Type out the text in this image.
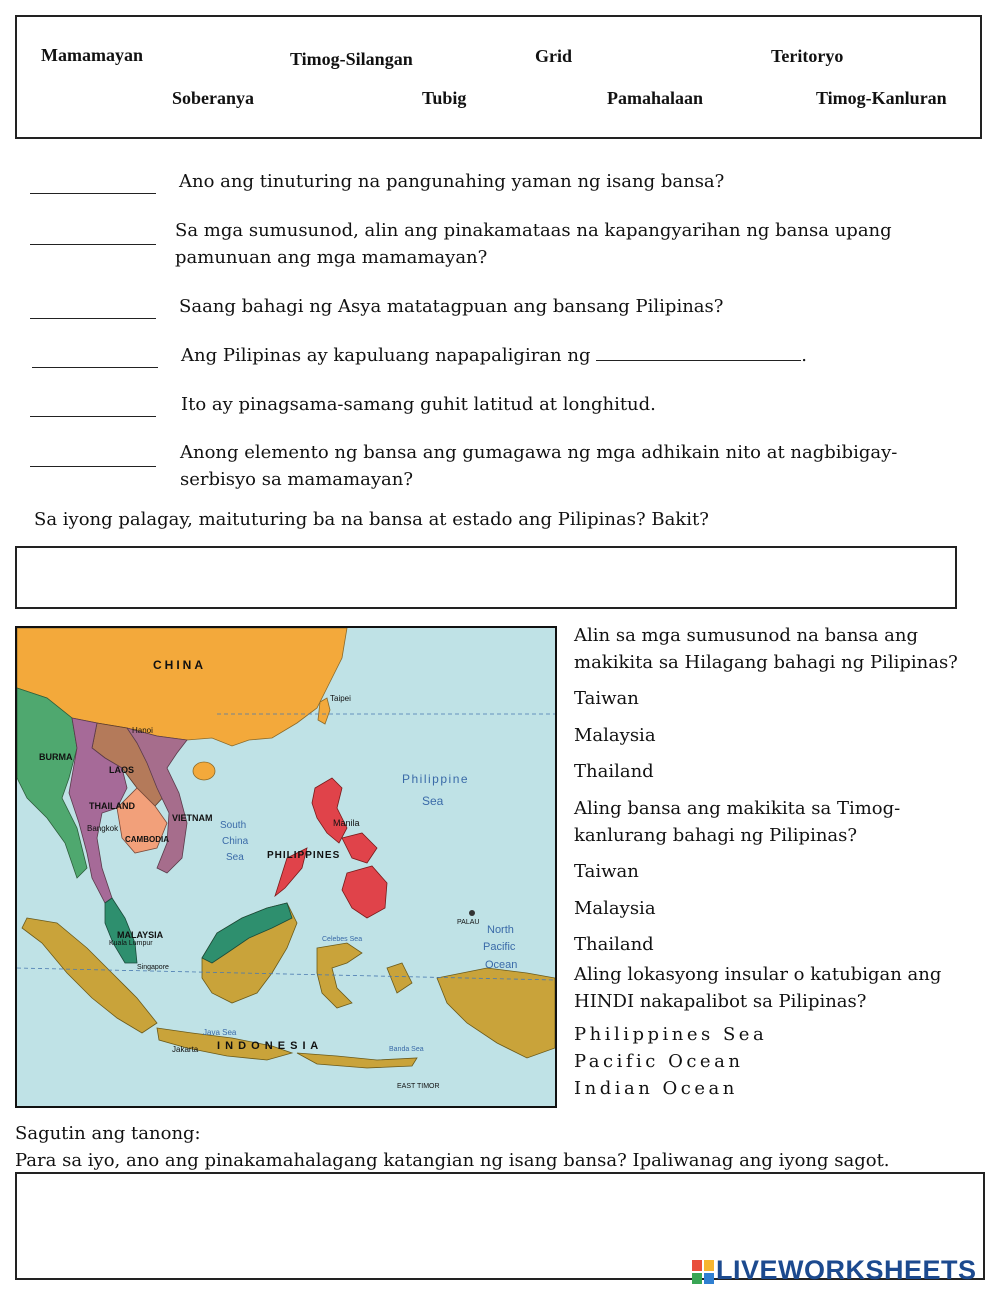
Mamamayan	Timog-Silangan	Grid	Teritoryo
Soberanya	Tubig	Pamahalaan	Timog-Kanluran
Ano ang tinuturing na pangunahing yaman ng isang bansa?
Sa mga sumusunod, alin ang pinakamataas na kapangyarihan ng bansa upang pamunuan ang mga mamamayan?
Saang bahagi ng Asya matatagpuan ang bansang Pilipinas?
Ang Pilipinas ay kapuluang napapaligiran ng	.
Ito ay pinagsama-samang guhit latitud at longhitud.
Anong elemento ng bansa ang gumagawa ng mga adhikain nito at nagbibigay-serbisyo sa mamamayan?
Sa iyong palagay, maituturing ba na bansa at estado ang Pilipinas? Bakit?
CHINA
Philippine
Sea
South
China
Sea PHILIPPINES
I N D O N E S I A
MALAYSIA
THAILAND
VIETNAM
LAOS
BURMA
CAMBODIA
North
Pacific
Ocean
Taipei
Manila
Hanoi
Bangkok
Jakarta
Java Sea
EAST TIMOR
PALAU
Kuala Lumpur
Singapore
Celebes Sea
Banda Sea
Alin sa mga sumusunod na bansa ang makikita sa Hilagang bahagi ng Pilipinas?
Taiwan
Malaysia
Thailand
Aling bansa ang makikita sa Timog-kanlurang bahagi ng Pilipinas?
Taiwan
Malaysia
Thailand
Aling lokasyong insular o katubigan ang HINDI nakapalibot sa Pilipinas?
Philippines Sea
Pacific Ocean
Indian Ocean
Sagutin ang tanong:
Para sa iyo, ano ang pinakamahalagang katangian ng isang bansa? Ipaliwanag ang iyong sagot.
LIVEWORKSHEETS
